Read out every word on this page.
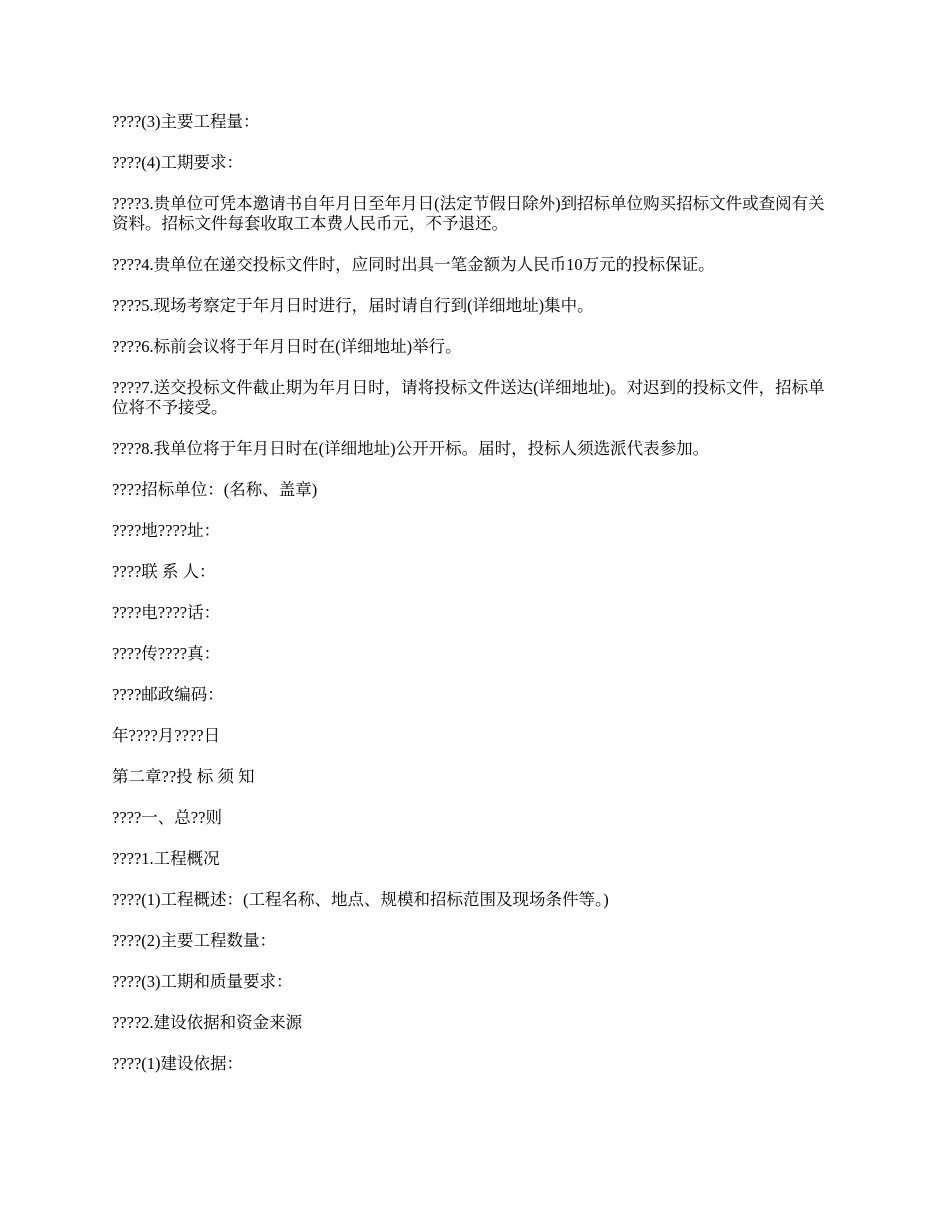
????(3)主要工程量：

????(4)工期要求：

????3.贵单位可凭本邀请书自年月日至年月日(法定节假日除外)到招标单位购买招标文件或查阅有关资料。招标文件每套收取工本费人民币元，不予退还。

????4.贵单位在递交投标文件时，应同时出具一笔金额为人民币10万元的投标保证。

????5.现场考察定于年月日时进行，届时请自行到(详细地址)集中。

????6.标前会议将于年月日时在(详细地址)举行。

????7.送交投标文件截止期为年月日时，请将投标文件送达(详细地址)。对迟到的投标文件，招标单位将不予接受。

????8.我单位将于年月日时在(详细地址)公开开标。届时，投标人须选派代表参加。

????招标单位：(名称、盖章)

????地????址：

????联 系 人：

????电????话：

????传????真：

????邮政编码：

年????月????日

第二章??投 标 须 知

????一、总??则

????1.工程概况

????(1)工程概述：(工程名称、地点、规模和招标范围及现场条件等。)

????(2)主要工程数量：

????(3)工期和质量要求：

????2.建设依据和资金来源

????(1)建设依据：
